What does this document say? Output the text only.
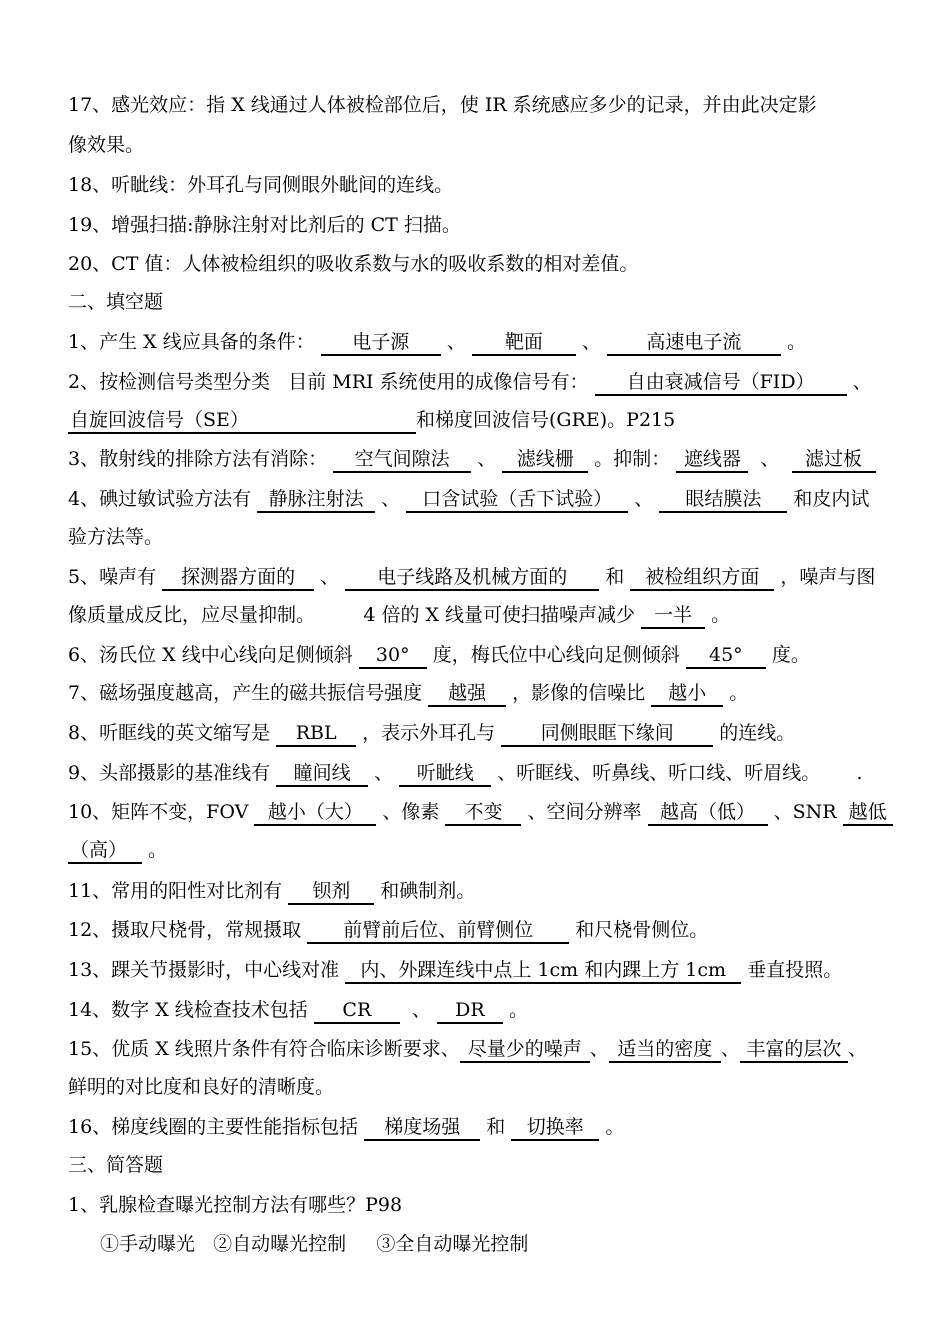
17、感光效应：指 X 线通过人体被检部位后，使 IR 系统感应多少的记录，并由此决定影
像效果。
18、听眦线：外耳孔与同侧眼外眦间的连线。
19、增强扫描:静脉注射对比剂后的 CT 扫描。
20、CT 值：人体被检组织的吸收系数与水的吸收系数的相对差值。
二、填空题
1、产生 X 线应具备的条件： 电子源 、 靶面 、 高速电子流 。
2、按检测信号类型分类   目前 MRI 系统使用的成像信号有： 自由衰减信号（FID） 、
自旋回波信号（SE）	和梯度回波信号(GRE)。P215
3、散射线的排除方法有消除： 空气间隙法 、 滤线栅 。抑制： 遮线器  、  滤过板
4、碘过敏试验方法有 静脉注射法 、 口含试验（舌下试验） 、 眼结膜法 和皮内试
验方法等。
5、噪声有 探测器方面的 、 电子线路及机械方面的 和 被检组织方面 ，噪声与图
像质量成反比，应尽量抑制。        4 倍的 X 线量可使扫描噪声减少 一半 。
6、汤氏位 X 线中心线向足侧倾斜 30° 度，梅氏位中心线向足侧倾斜 45° 度。
7、磁场强度越高，产生的磁共振信号强度 越强 ，影像的信噪比 越小 。
8、听眶线的英文缩写是 RBL ，表示外耳孔与 同侧眼眶下缘间 的连线。
9、头部摄影的基准线有 瞳间线 、 听眦线 、听眶线、听鼻线、听口线、听眉线。      .
10、矩阵不变，FOV 越小（大） 、像素 不变 、空间分辨率 越高（低） 、SNR 越低
（高） 。
11、常用的阳性对比剂有 钡剂 和碘制剂。
12、摄取尺桡骨，常规摄取 前臂前后位、前臂侧位 和尺桡骨侧位。
13、踝关节摄影时，中心线对准 内、外踝连线中点上 1cm 和内踝上方 1cm 垂直投照。
14、数字 X 线检查技术包括 CR  、 DR 。
15、优质 X 线照片条件有符合临床诊断要求、 尽量少的噪声 、 适当的密度 、 丰富的层次 、
鲜明的对比度和良好的清晰度。
16、梯度线圈的主要性能指标包括 梯度场强 和 切换率 。
三、简答题
1、乳腺检查曝光控制方法有哪些？P98
①手动曝光   ②自动曝光控制     ③全自动曝光控制
